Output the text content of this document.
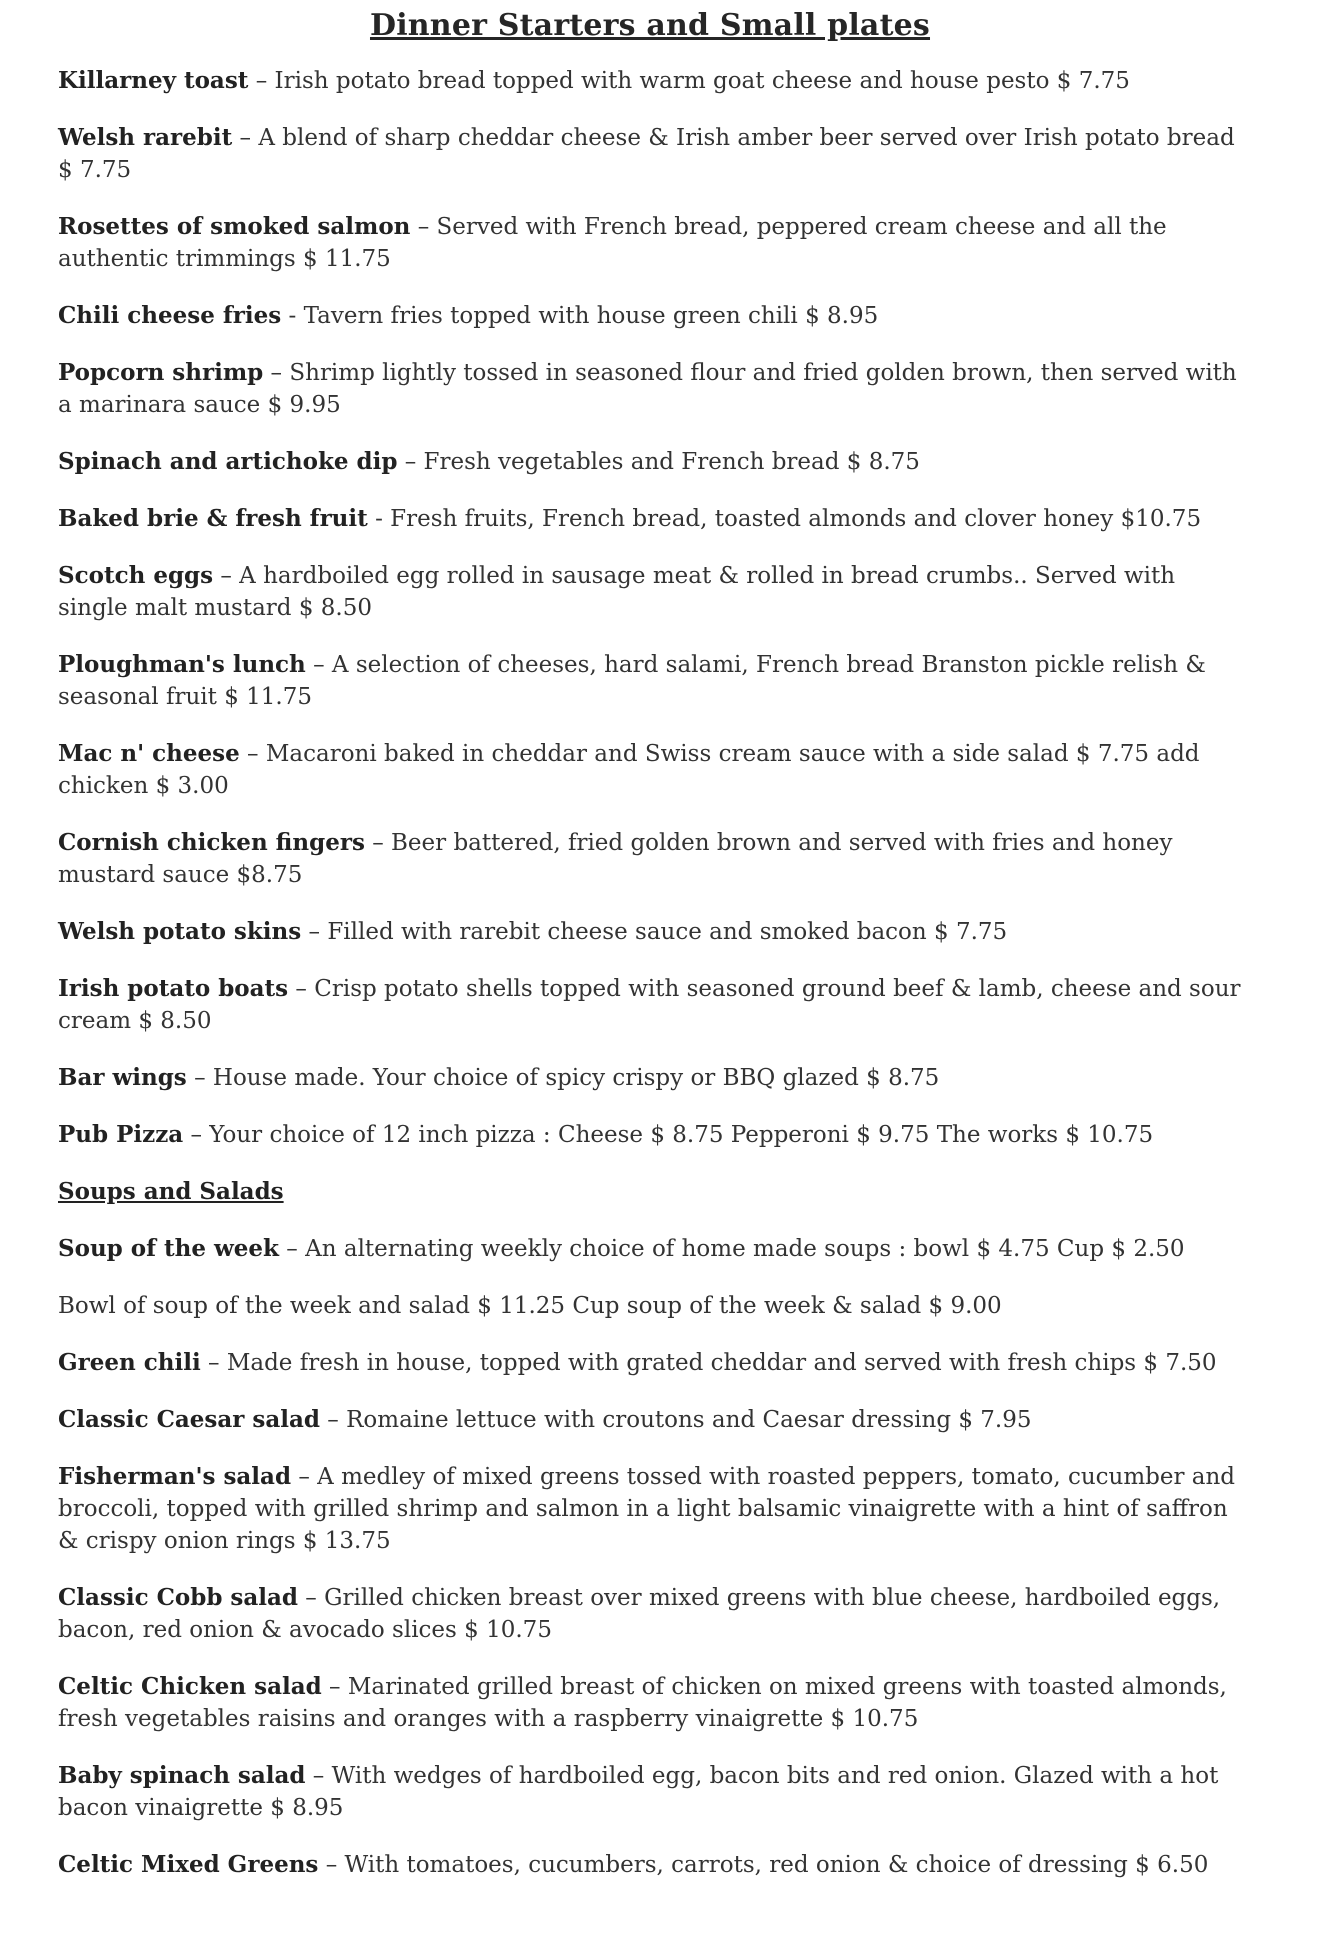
Dinner Starters and Small plates
Killarney toast – Irish potato bread topped with warm goat cheese and house pesto $ 7.75
Welsh rarebit – A blend of sharp cheddar cheese & Irish amber beer served over Irish potato bread $ 7.75
Rosettes of smoked salmon – Served with French bread, peppered cream cheese and all the authentic trimmings $ 11.75
Chili cheese fries - Tavern fries topped with house green chili $ 8.95
Popcorn shrimp – Shrimp lightly tossed in seasoned flour and fried golden brown, then served with a marinara sauce $ 9.95
Spinach and artichoke dip – Fresh vegetables and French bread $ 8.75
Baked brie & fresh fruit - Fresh fruits, French bread, toasted almonds and clover honey $10.75
Scotch eggs – A hardboiled egg rolled in sausage meat & rolled in bread crumbs.. Served with single malt mustard $ 8.50
Ploughman's lunch – A selection of cheeses, hard salami, French bread Branston pickle relish & seasonal fruit $ 11.75
Mac n' cheese – Macaroni baked in cheddar and Swiss cream sauce with a side salad $ 7.75 add chicken $ 3.00
Cornish chicken fingers – Beer battered, fried golden brown and served with fries and honey mustard sauce $8.75
Welsh potato skins – Filled with rarebit cheese sauce and smoked bacon $ 7.75
Irish potato boats – Crisp potato shells topped with seasoned ground beef & lamb, cheese and sour cream $ 8.50
Bar wings – House made. Your choice of spicy crispy or BBQ glazed $ 8.75
Pub Pizza – Your choice of 12 inch pizza : Cheese $ 8.75 Pepperoni $ 9.75 The works $ 10.75
Soups and Salads
Soup of the week – An alternating weekly choice of home made soups : bowl $ 4.75 Cup $ 2.50
Bowl of soup of the week and salad $ 11.25 Cup soup of the week & salad $ 9.00
Green chili – Made fresh in house, topped with grated cheddar and served with fresh chips $ 7.50
Classic Caesar salad – Romaine lettuce with croutons and Caesar dressing $ 7.95
Fisherman's salad – A medley of mixed greens tossed with roasted peppers, tomato, cucumber and broccoli, topped with grilled shrimp and salmon in a light balsamic vinaigrette with a hint of saffron & crispy onion rings $ 13.75
Classic Cobb salad – Grilled chicken breast over mixed greens with blue cheese, hardboiled eggs, bacon, red onion & avocado slices $ 10.75
Celtic Chicken salad – Marinated grilled breast of chicken on mixed greens with toasted almonds, fresh vegetables raisins and oranges with a raspberry vinaigrette $ 10.75
Baby spinach salad – With wedges of hardboiled egg, bacon bits and red onion. Glazed with a hot bacon vinaigrette $ 8.95
Celtic Mixed Greens – With tomatoes, cucumbers, carrots, red onion & choice of dressing $ 6.50
